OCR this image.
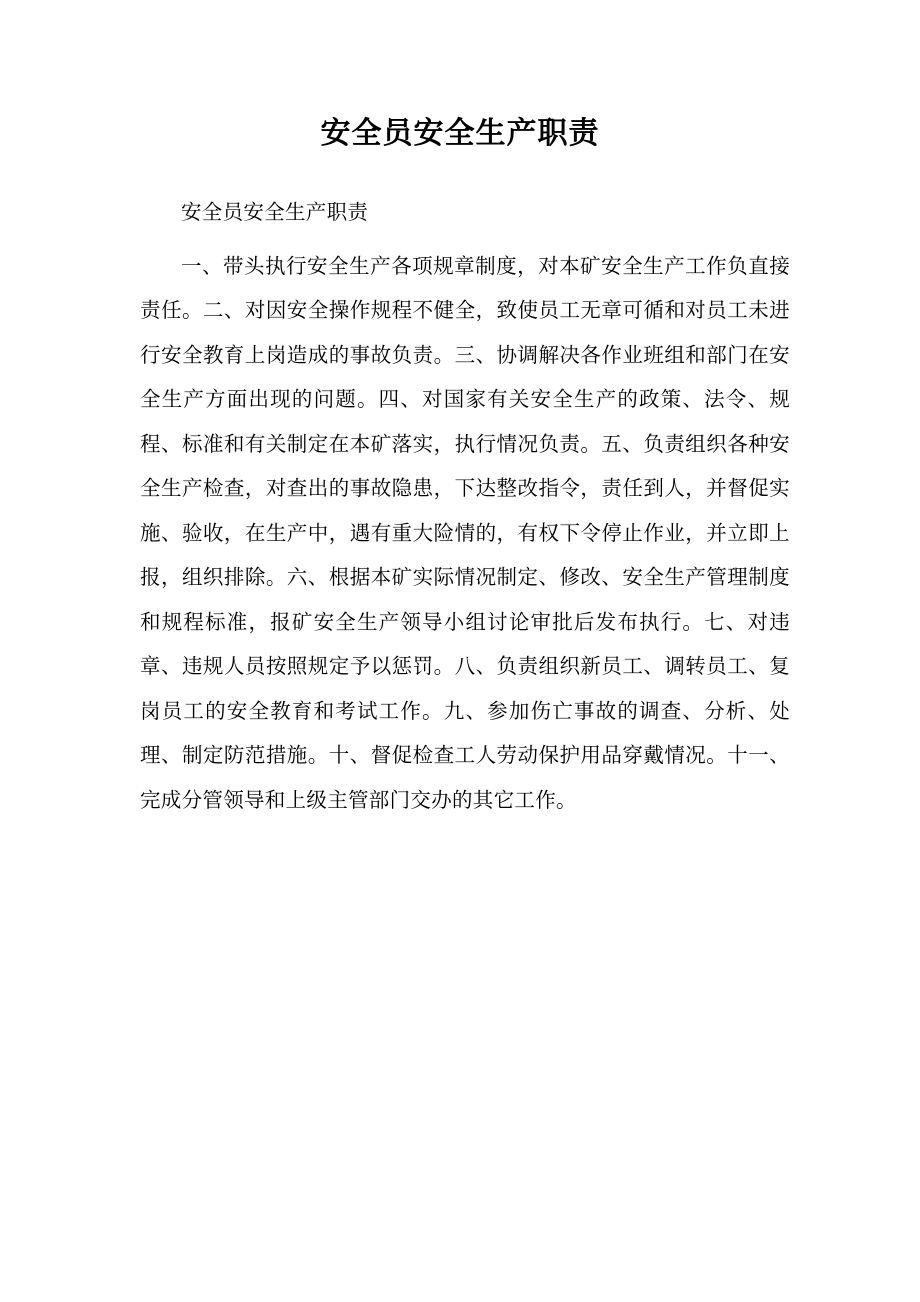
安全员安全生产职责

安全员安全生产职责

一、带头执行安全生产各项规章制度，对本矿安全生产工作负直接责任。二、对因安全操作规程不健全，致使员工无章可循和对员工未进行安全教育上岗造成的事故负责。三、协调解决各作业班组和部门在安全生产方面出现的问题。四、对国家有关安全生产的政策、法令、规程、标准和有关制定在本矿落实，执行情况负责。五、负责组织各种安全生产检查，对查出的事故隐患，下达整改指令，责任到人，并督促实施、验收，在生产中，遇有重大险情的，有权下令停止作业，并立即上报，组织排除。六、根据本矿实际情况制定、修改、安全生产管理制度和规程标准，报矿安全生产领导小组讨论审批后发布执行。七、对违章、违规人员按照规定予以惩罚。八、负责组织新员工、调转员工、复岗员工的安全教育和考试工作。九、参加伤亡事故的调查、分析、处理、制定防范措施。十、督促检查工人劳动保护用品穿戴情况。十一、完成分管领导和上级主管部门交办的其它工作。
